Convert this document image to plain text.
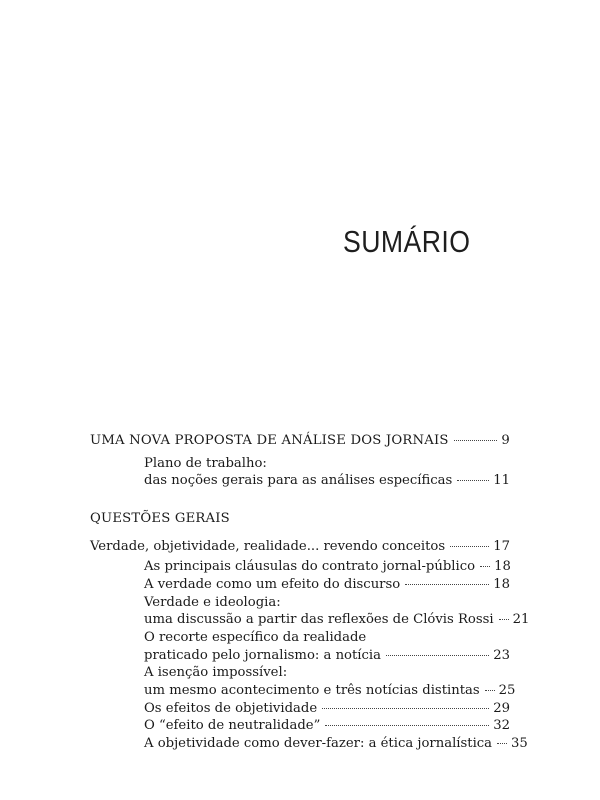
SUMÁRIO
UMA NOVA PROPOSTA DE ANÁLISE DOS JORNAIS	9
Plano de trabalho:
das noções gerais para as análises específicas	11
QUESTÕES GERAIS
Verdade, objetividade, realidade... revendo conceitos	17
As principais cláusulas do contrato jornal-público 18
A verdade como um efeito do discurso	18
Verdade e ideologia:
uma discussão a partir das reflexões de Clóvis Rossi 21
O recorte específico da realidade
praticado pelo jornalismo: a notícia	23
A isenção impossível:
um mesmo acontecimento e três notícias distintas 25
Os efeitos de objetividade	29
O “efeito de neutralidade”	32
A objetividade como dever-fazer: a ética jornalística 35
